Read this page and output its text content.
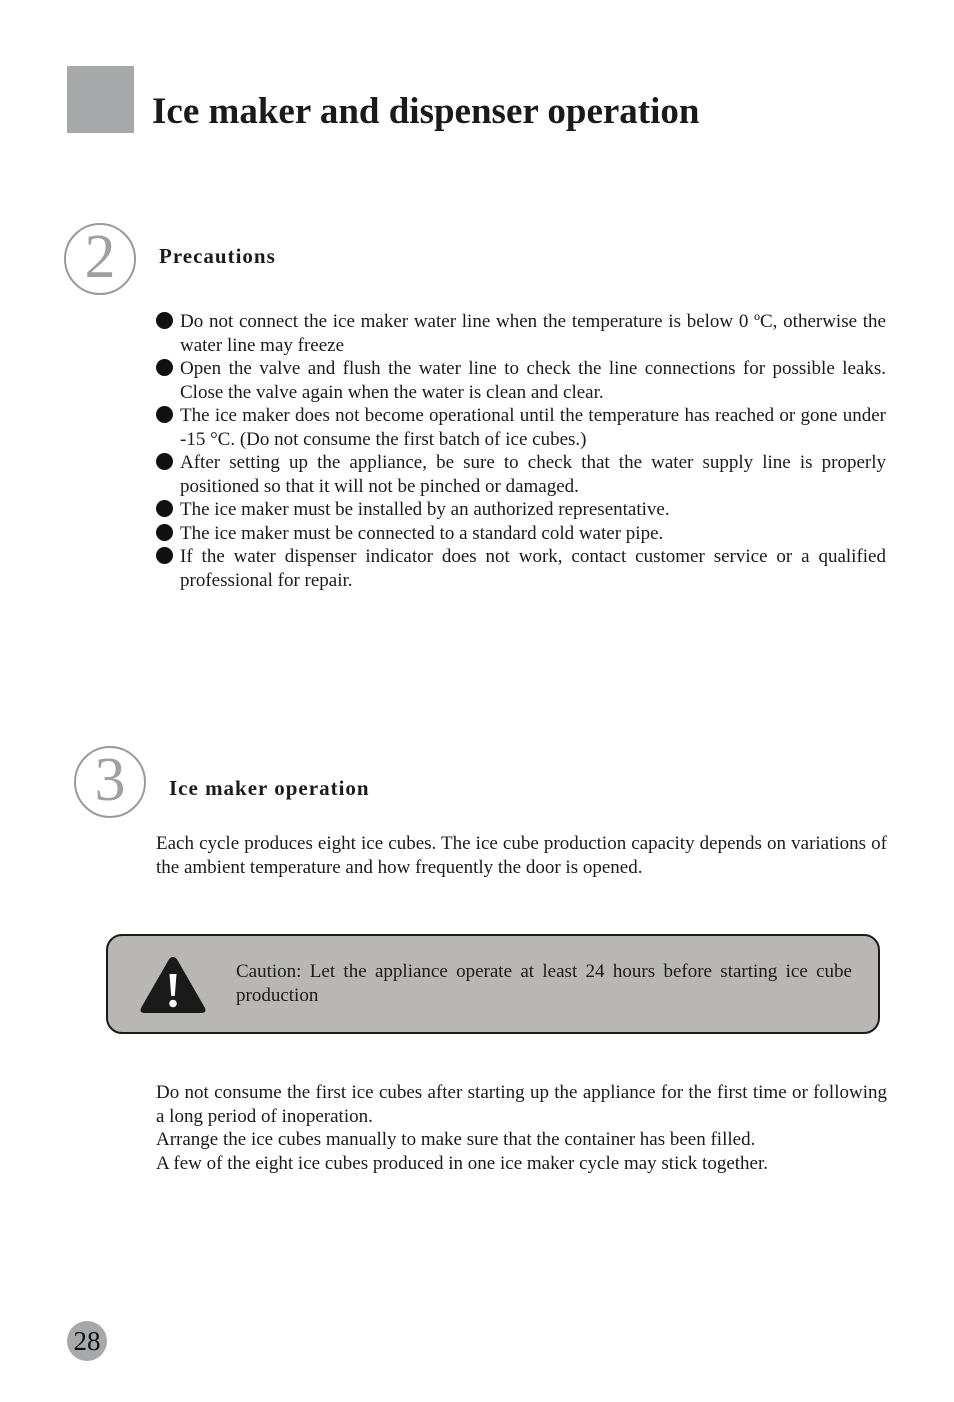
Ice maker and dispenser operation
2	Precautions
Do not connect the ice maker water line when the temperature is below 0 ºC, otherwise the water line may freeze
Open the valve and flush the water line to check the line connections for possible leaks. Close the valve again when the water is clean and clear.
The ice maker does not become operational until the temperature has reached or gone under -15 °C. (Do not consume the first batch of ice cubes.)
After setting up the appliance, be sure to check that the water supply line is properly positioned so that it will not be pinched or damaged.
The ice maker must be installed by an authorized representative.
The ice maker must be connected to a standard cold water pipe.
If the water dispenser indicator does not work, contact customer service or a qualified professional for repair.
3	Ice maker operation

Each cycle produces eight ice cubes. The ice cube production capacity depends on variations of the ambient temperature and how frequently the door is opened.

Caution: Let the appliance operate at least 24 hours before starting ice cube production

Do not consume the first ice cubes after starting up the appliance for the first time or following a long period of inoperation.

Arrange the ice cubes manually to make sure that the container has been filled.

A few of the eight ice cubes produced in one ice maker cycle may stick together.

28
